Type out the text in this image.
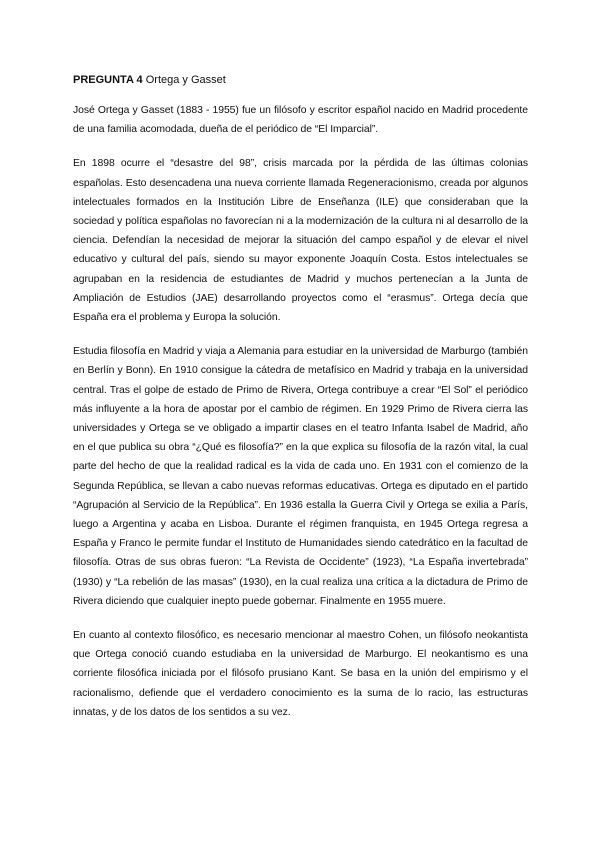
PREGUNTA 4 Ortega y Gasset

José Ortega y Gasset (1883 - 1955) fue un filósofo y escritor español nacido en Madrid procedente de una familia acomodada, dueña de el periódico de “El Imparcial”.

En 1898 ocurre el “desastre del 98”, crisis marcada por la pérdida de las últimas colonias españolas. Esto desencadena una nueva corriente llamada Regeneracionismo, creada por algunos intelectuales formados en la Institución Libre de Enseñanza (ILE) que consideraban que la sociedad y política españolas no favorecían ni a la modernización de la cultura ni al desarrollo de la ciencia. Defendían la necesidad de mejorar la situación del campo español y de elevar el nivel educativo y cultural del país, siendo su mayor exponente Joaquín Costa. Estos intelectuales se agrupaban en la residencia de estudiantes de Madrid y muchos pertenecían a la Junta de Ampliación de Estudios (JAE) desarrollando proyectos como el “erasmus”. Ortega decía que España era el problema y Europa la solución.

Estudia filosofía en Madrid y viaja a Alemania para estudiar en la universidad de Marburgo (también en Berlín y Bonn). En 1910 consigue la cátedra de metafísico en Madrid y trabaja en la universidad central. Tras el golpe de estado de Primo de Rivera, Ortega contribuye a crear “El Sol” el periódico más influyente a la hora de apostar por el cambio de régimen. En 1929 Primo de Rivera cierra las universidades y Ortega se ve obligado a impartir clases en el teatro Infanta Isabel de Madrid, año en el que publica su obra “¿Qué es filosofía?” en la que explica su filosofía de la razón vital, la cual parte del hecho de que la realidad radical es la vida de cada uno. En 1931 con el comienzo de la Segunda República, se llevan a cabo nuevas reformas educativas. Ortega es diputado en el partido “Agrupación al Servicio de la República”. En 1936 estalla la Guerra Civil y Ortega se exilia a París, luego a Argentina y acaba en Lisboa. Durante el régimen franquista, en 1945 Ortega regresa a España y Franco le permite fundar el Instituto de Humanidades siendo catedrático en la facultad de filosofía. Otras de sus obras fueron: “La Revista de Occidente” (1923), “La España invertebrada” (1930) y “La rebelión de las masas” (1930), en la cual realiza una crítica a la dictadura de Primo de Rivera diciendo que cualquier inepto puede gobernar. Finalmente en 1955 muere.

En cuanto al contexto filosófico, es necesario mencionar al maestro Cohen, un filósofo neokantista que Ortega conoció cuando estudiaba en la universidad de Marburgo. El neokantismo es una corriente filosófica iniciada por el filósofo prusiano Kant. Se basa en la unión del empirismo y el racionalismo, defiende que el verdadero conocimiento es la suma de lo racio, las estructuras innatas, y de los datos de los sentidos a su vez.
